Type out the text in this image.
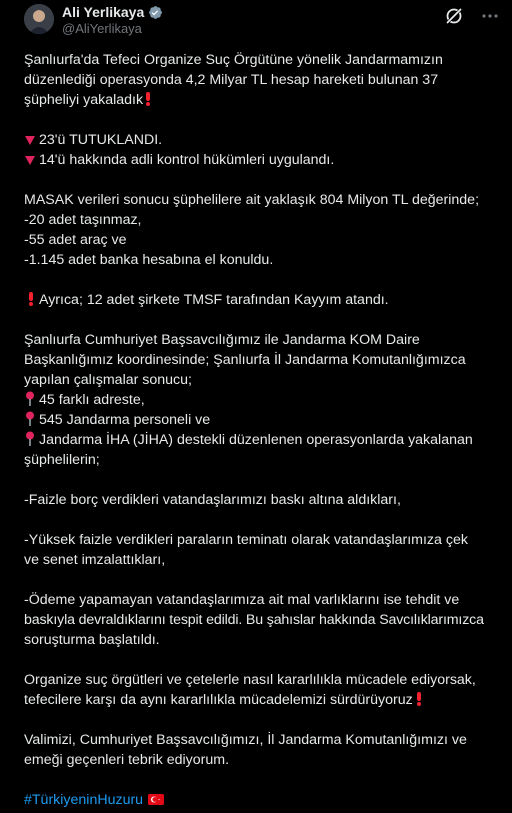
Ali Yerlikaya
@AliYerlikaya
Şanlıurfa'da Tefeci Organize Suç Örgütüne yönelik Jandarmamızın
düzenlediği operasyonda 4,2 Milyar TL hesap hareketi bulunan 37
şüpheliyi yakaladık
23'ü TUTUKLANDI.
14'ü hakkında adli kontrol hükümleri uygulandı.
MASAK verileri sonucu şüphelilere ait yaklaşık 804 Milyon TL değerinde;
-20 adet taşınmaz,
-55 adet araç ve
-1.145 adet banka hesabına el konuldu.
Ayrıca; 12 adet şirkete TMSF tarafından Kayyım atandı.
Şanlıurfa Cumhuriyet Başsavcılığımız ile Jandarma KOM Daire
Başkanlığımız koordinesinde; Şanlıurfa İl Jandarma Komutanlığımızca
yapılan çalışmalar sonucu;
45 farklı adreste,
545 Jandarma personeli ve
Jandarma İHA (JİHA) destekli düzenlenen operasyonlarda yakalanan
şüphelilerin;
-Faizle borç verdikleri vatandaşlarımızı baskı altına aldıkları,
-Yüksek faizle verdikleri paraların teminatı olarak vatandaşlarımıza çek
ve senet imzalattıkları,
-Ödeme yapamayan vatandaşlarımıza ait mal varlıklarını ise tehdit ve
baskıyla devraldıklarını tespit edildi. Bu şahıslar hakkında Savcılıklarımızca
soruşturma başlatıldı.
Organize suç örgütleri ve çetelerle nasıl kararlılıkla mücadele ediyorsak,
tefecilere karşı da aynı kararlılıkla mücadelemizi sürdürüyoruz
Valimizi, Cumhuriyet Başsavcılığımızı, İl Jandarma Komutanlığımızı ve
emeği geçenleri tebrik ediyorum.
#TürkiyeninHuzuru
